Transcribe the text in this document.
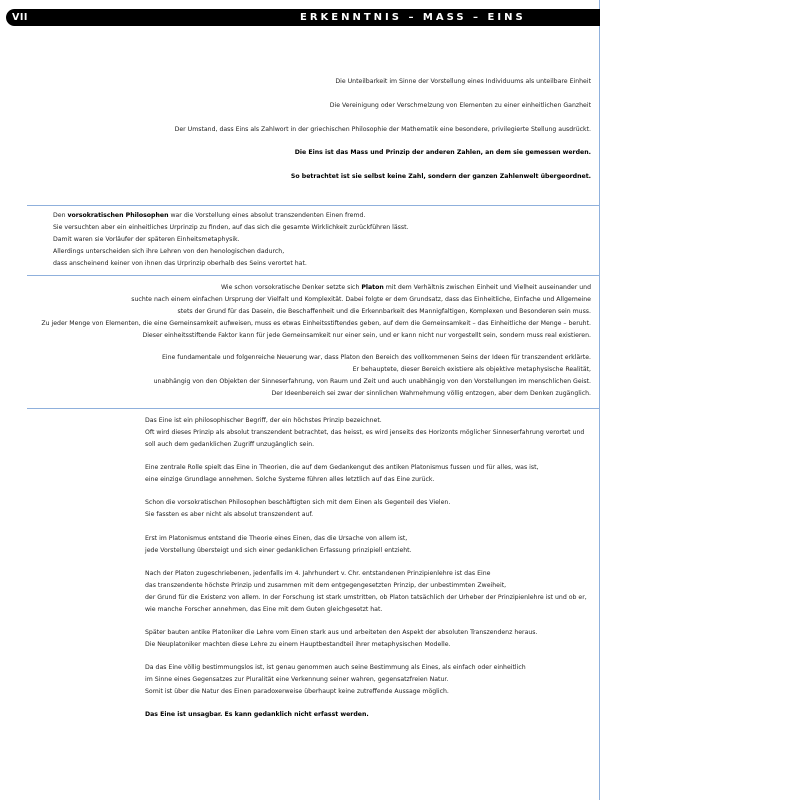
VII	ERKENNTNIS – MASS – EINS
Die Unteilbarkeit im Sinne der Vorstellung eines Individuums als unteilbare Einheit
Die Vereinigung oder Verschmelzung von Elementen zu einer einheitlichen Ganzheit
Der Umstand, dass Eins als Zahlwort in der griechischen Philosophie der Mathematik eine besondere, privilegierte Stellung ausdrückt.
Die Eins ist das Mass und Prinzip der anderen Zahlen, an dem sie gemessen werden.
So betrachtet ist sie selbst keine Zahl, sondern der ganzen Zahlenwelt übergeordnet.
Den vorsokratischen Philosophen war die Vorstellung eines absolut transzendenten Einen fremd.
Sie versuchten aber ein einheitliches Urprinzip zu finden, auf das sich die gesamte Wirklichkeit zurückführen lässt.
Damit waren sie Vorläufer der späteren Einheitsmetaphysik.
Allerdings unterscheiden sich ihre Lehren von den henologischen dadurch,
dass anscheinend keiner von ihnen das Urprinzip oberhalb des Seins verortet hat.
Wie schon vorsokratische Denker setzte sich Platon mit dem Verhältnis zwischen Einheit und Vielheit auseinander und
suchte nach einem einfachen Ursprung der Vielfalt und Komplexität. Dabei folgte er dem Grundsatz, dass das Einheitliche, Einfache und Allgemeine
stets der Grund für das Dasein, die Beschaffenheit und die Erkennbarkeit des Mannigfaltigen, Komplexen und Besonderen sein muss.
Zu jeder Menge von Elementen, die eine Gemeinsamkeit aufweisen, muss es etwas Einheitsstiftendes geben, auf dem die Gemeinsamkeit – das Einheitliche der Menge – beruht.
Dieser einheitsstiftende Faktor kann für jede Gemeinsamkeit nur einer sein, und er kann nicht nur vorgestellt sein, sondern muss real existieren.
Eine fundamentale und folgenreiche Neuerung war, dass Platon den Bereich des vollkommenen Seins der Ideen für transzendent erklärte.
Er behauptete, dieser Bereich existiere als objektive metaphysische Realität,
unabhängig von den Objekten der Sinneserfahrung, von Raum und Zeit und auch unabhängig von den Vorstellungen im menschlichen Geist.
Der Ideenbereich sei zwar der sinnlichen Wahrnehmung völlig entzogen, aber dem Denken zugänglich.
Das Eine ist ein philosophischer Begriff, der ein höchstes Prinzip bezeichnet.
Oft wird dieses Prinzip als absolut transzendent betrachtet, das heisst, es wird jenseits des Horizonts möglicher Sinneserfahrung verortet und
soll auch dem gedanklichen Zugriff unzugänglich sein.
Eine zentrale Rolle spielt das Eine in Theorien, die auf dem Gedankengut des antiken Platonismus fussen und für alles, was ist,
eine einzige Grundlage annehmen. Solche Systeme führen alles letztlich auf das Eine zurück.
Schon die vorsokratischen Philosophen beschäftigten sich mit dem Einen als Gegenteil des Vielen.
Sie fassten es aber nicht als absolut transzendent auf.
Erst im Platonismus entstand die Theorie eines Einen, das die Ursache von allem ist,
jede Vorstellung übersteigt und sich einer gedanklichen Erfassung prinzipiell entzieht.
Nach der Platon zugeschriebenen, jedenfalls im 4. Jahrhundert v. Chr. entstandenen Prinzipienlehre ist das Eine
das transzendente höchste Prinzip und zusammen mit dem entgegengesetzten Prinzip, der unbestimmten Zweiheit,
der Grund für die Existenz von allem. In der Forschung ist stark umstritten, ob Platon tatsächlich der Urheber der Prinzipienlehre ist und ob er,
wie manche Forscher annehmen, das Eine mit dem Guten gleichgesetzt hat.
Später bauten antike Platoniker die Lehre vom Einen stark aus und arbeiteten den Aspekt der absoluten Transzendenz heraus.
Die Neuplatoniker machten diese Lehre zu einem Hauptbestandteil ihrer metaphysischen Modelle.
Da das Eine völlig bestimmungslos ist, ist genau genommen auch seine Bestimmung als Eines, als einfach oder einheitlich
im Sinne eines Gegensatzes zur Pluralität eine Verkennung seiner wahren, gegensatzfreien Natur.
Somit ist über die Natur des Einen paradoxerweise überhaupt keine zutreffende Aussage möglich.
Das Eine ist unsagbar. Es kann gedanklich nicht erfasst werden.
